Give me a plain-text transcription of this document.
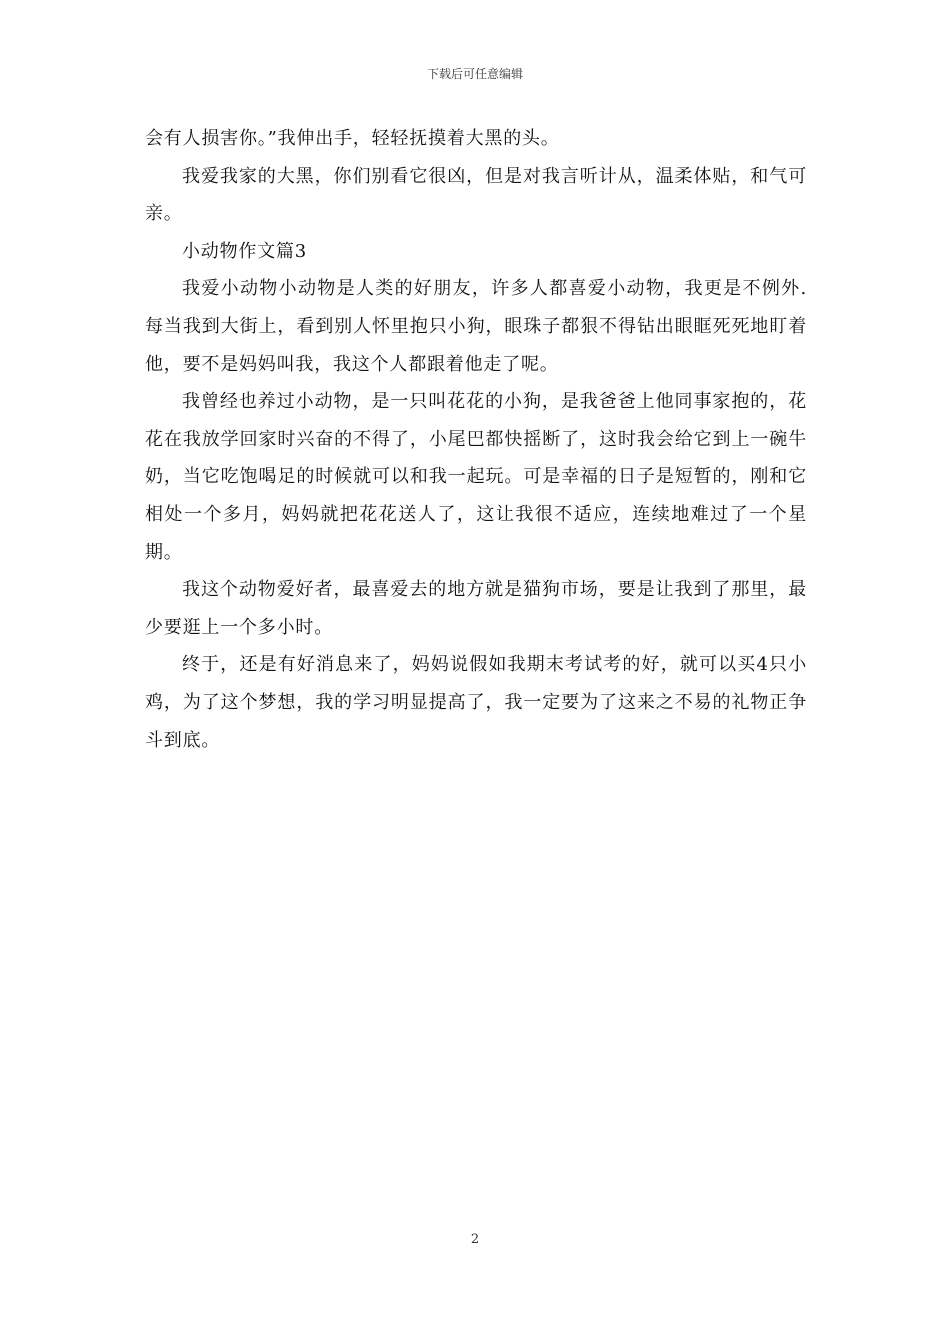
下载后可任意编辑

会有人损害你。”我伸出手，轻轻抚摸着大黑的头。

我爱我家的大黑，你们别看它很凶，但是对我言听计从，温柔体贴，和气可亲。

小动物作文篇3

我爱小动物小动物是人类的好朋友，许多人都喜爱小动物，我更是不例外.每当我到大街上，看到别人怀里抱只小狗，眼珠子都狠不得钻出眼眶死死地盯着他，要不是妈妈叫我，我这个人都跟着他走了呢。

我曾经也养过小动物，是一只叫花花的小狗，是我爸爸上他同事家抱的，花花在我放学回家时兴奋的不得了，小尾巴都快摇断了，这时我会给它到上一碗牛奶，当它吃饱喝足的时候就可以和我一起玩。可是幸福的日子是短暂的，刚和它相处一个多月，妈妈就把花花送人了，这让我很不适应，连续地难过了一个星期。

我这个动物爱好者，最喜爱去的地方就是猫狗市场，要是让我到了那里，最少要逛上一个多小时。

终于，还是有好消息来了，妈妈说假如我期末考试考的好，就可以买4只小鸡，为了这个梦想，我的学习明显提高了，我一定要为了这来之不易的礼物正争斗到底。

2
